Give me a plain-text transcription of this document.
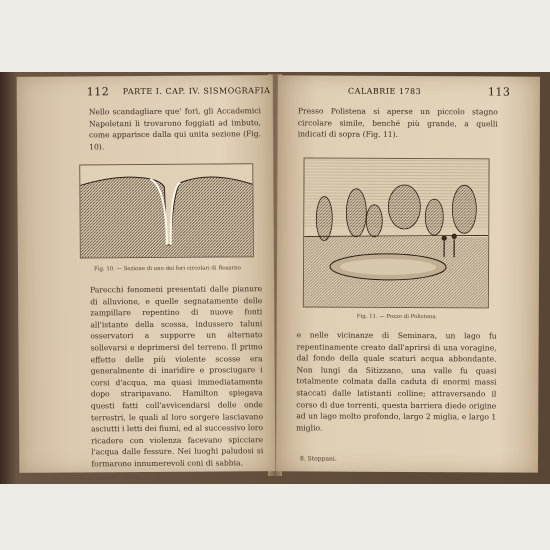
112 PARTE I. CAP. IV. SISMOGRAFIA
Nello scandagliare que' fori, gli Accademici Napoletani li trovarono foggiati ad imbuto, come apparisce dalla qui unita sezione (Fig. 10).
Fig. 10. — Sezione di uno dei fori circolari di Rosarno
Parecchi fenomeni presentati dalle pianure di alluvione, e quelle segnatamente delle zampillare repentino di nuove fonti all'istante della scossa, indussero taluni osservatori a supporre un alternato sollevarsi e deprimersi del terreno. Il primo effetto delle più violente scosse era generalmente di inaridire e prosciugare i corsi d'acqua, ma quasi immediatamente dopo straripavano. Hamilton spiegava questi fatti coll'avvicendarsi delle onde terrestri, le quali al loro sorgere lasciavano asciutti i letti dei fiumi, ed al successivo loro ricadere con violenza facevano spicciare l'acqua dalle fessure. Nei luoghi paludosi si formarono innumerevoli coni di sabbia.
CALABRIE 1783	113
Presso Polistena si aperse un piccolo stagno circolare simile, benché più grande, a quelli indicati di sopra (Fig. 11).
Fig. 11. — Pozzo di Polistena.
e nelle vicinanze di Seminara, un lago fu repentinamente creato dall'aprirsi di una voragine, dal fondo della quale scaturì acqua abbondante. Non lungi da Sitizzano, una valle fu quasi totalmente colmata dalla caduta di enormi massi staccati dalle latistanti colline; attraversando il corso di due torrenti, questa barriera diede origine ad un lago molto profondo, largo 2 miglia, e largo 1 miglio.
8. Stoppani.
